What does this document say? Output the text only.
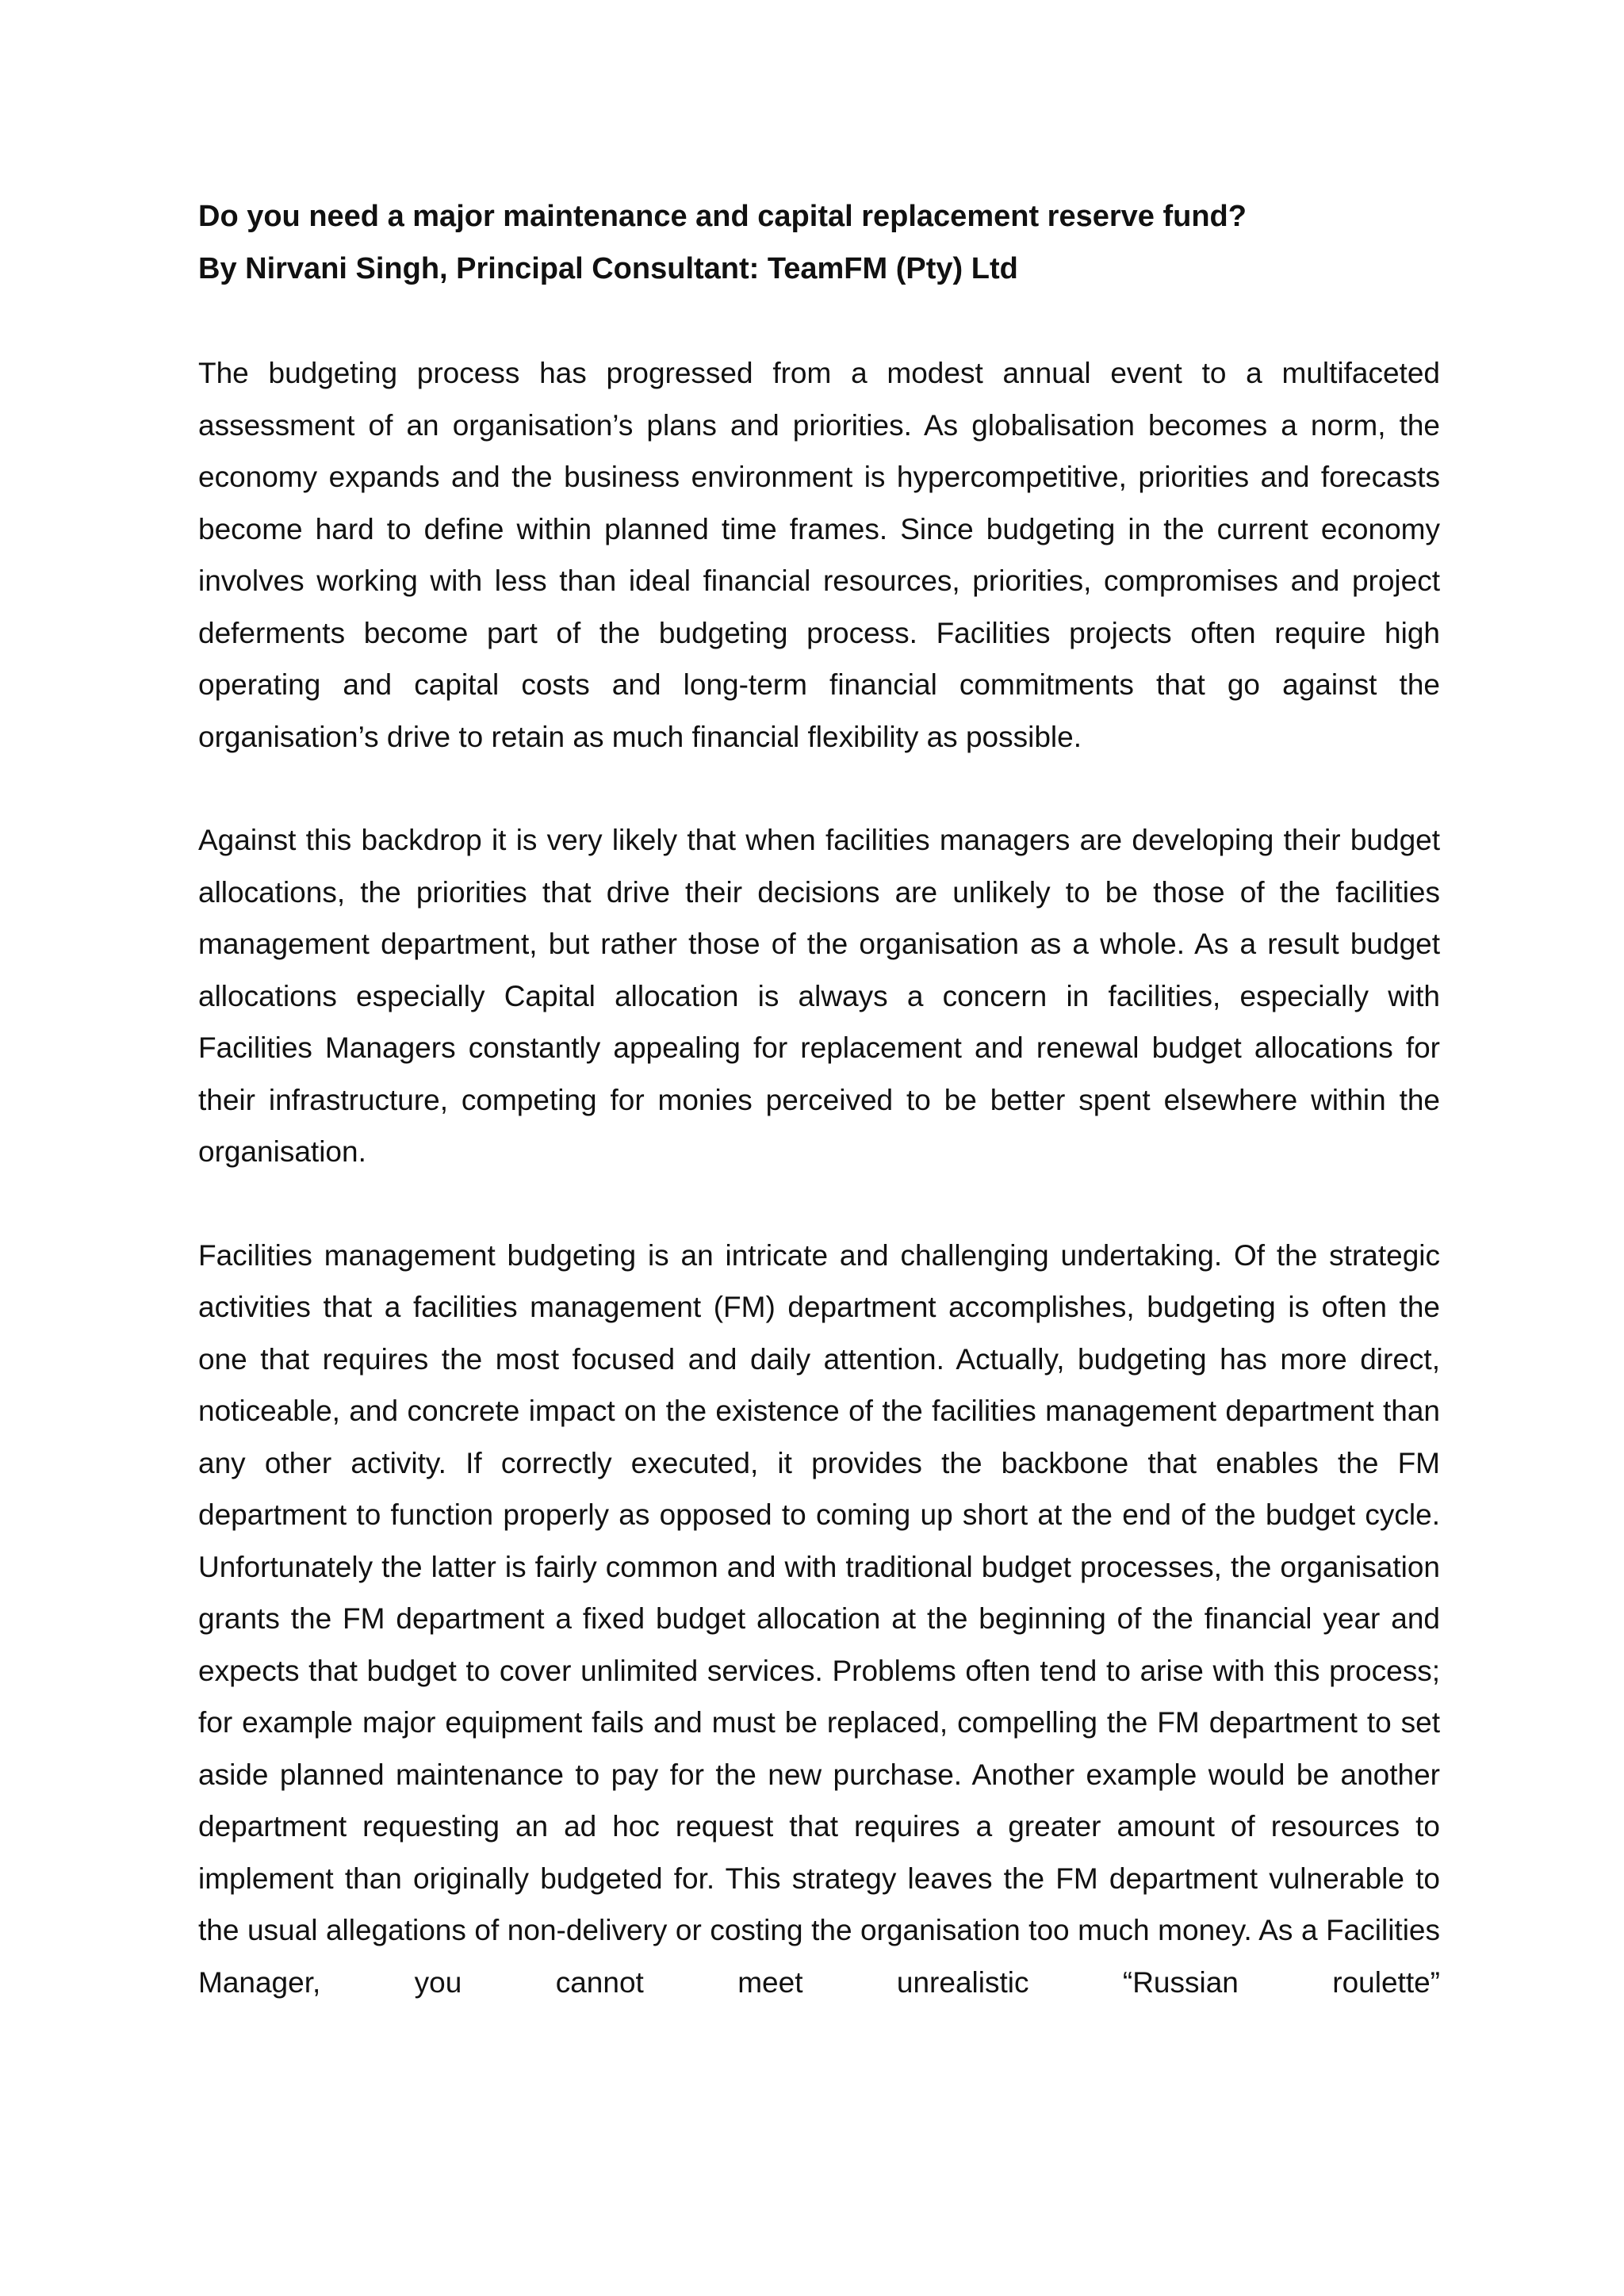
Do you need a major maintenance and capital replacement reserve fund?
By Nirvani Singh, Principal Consultant: TeamFM (Pty) Ltd

The budgeting process has progressed from a modest annual event to a multifaceted assessment of an organisation’s plans and priorities. As globalisation becomes a norm, the economy expands and the business environment is hypercompetitive, priorities and forecasts become hard to define within planned time frames. Since budgeting in the current economy involves working with less than ideal financial resources, priorities, compromises and project deferments become part of the budgeting process. Facilities projects often require high operating and capital costs and long-term financial commitments that go against the organisation’s drive to retain as much financial flexibility as possible.

Against this backdrop it is very likely that when facilities managers are developing their budget allocations, the priorities that drive their decisions are unlikely to be those of the facilities management department, but rather those of the organisation as a whole. As a result budget allocations especially Capital allocation is always a concern in facilities, especially with Facilities Managers constantly appealing for replacement and renewal budget allocations for their infrastructure, competing for monies perceived to be better spent elsewhere within the organisation.

Facilities management budgeting is an intricate and challenging undertaking. Of the strategic activities that a facilities management (FM) department accomplishes, budgeting is often the one that requires the most focused and daily attention. Actually, budgeting has more direct, noticeable, and concrete impact on the existence of the facilities management department than any other activity. If correctly executed, it provides the backbone that enables the FM department to function properly as opposed to coming up short at the end of the budget cycle. Unfortunately the latter is fairly common and with traditional budget processes, the organisation grants the FM department a fixed budget allocation at the beginning of the financial year and expects that budget to cover unlimited services. Problems often tend to arise with this process; for example major equipment fails and must be replaced, compelling the FM department to set aside planned maintenance to pay for the new purchase. Another example would be another department requesting an ad hoc request that requires a greater amount of resources to implement than originally budgeted for. This strategy leaves the FM department vulnerable to the usual allegations of non-delivery or costing the organisation too much money. As a Facilities Manager, you cannot meet unrealistic “Russian roulette”
